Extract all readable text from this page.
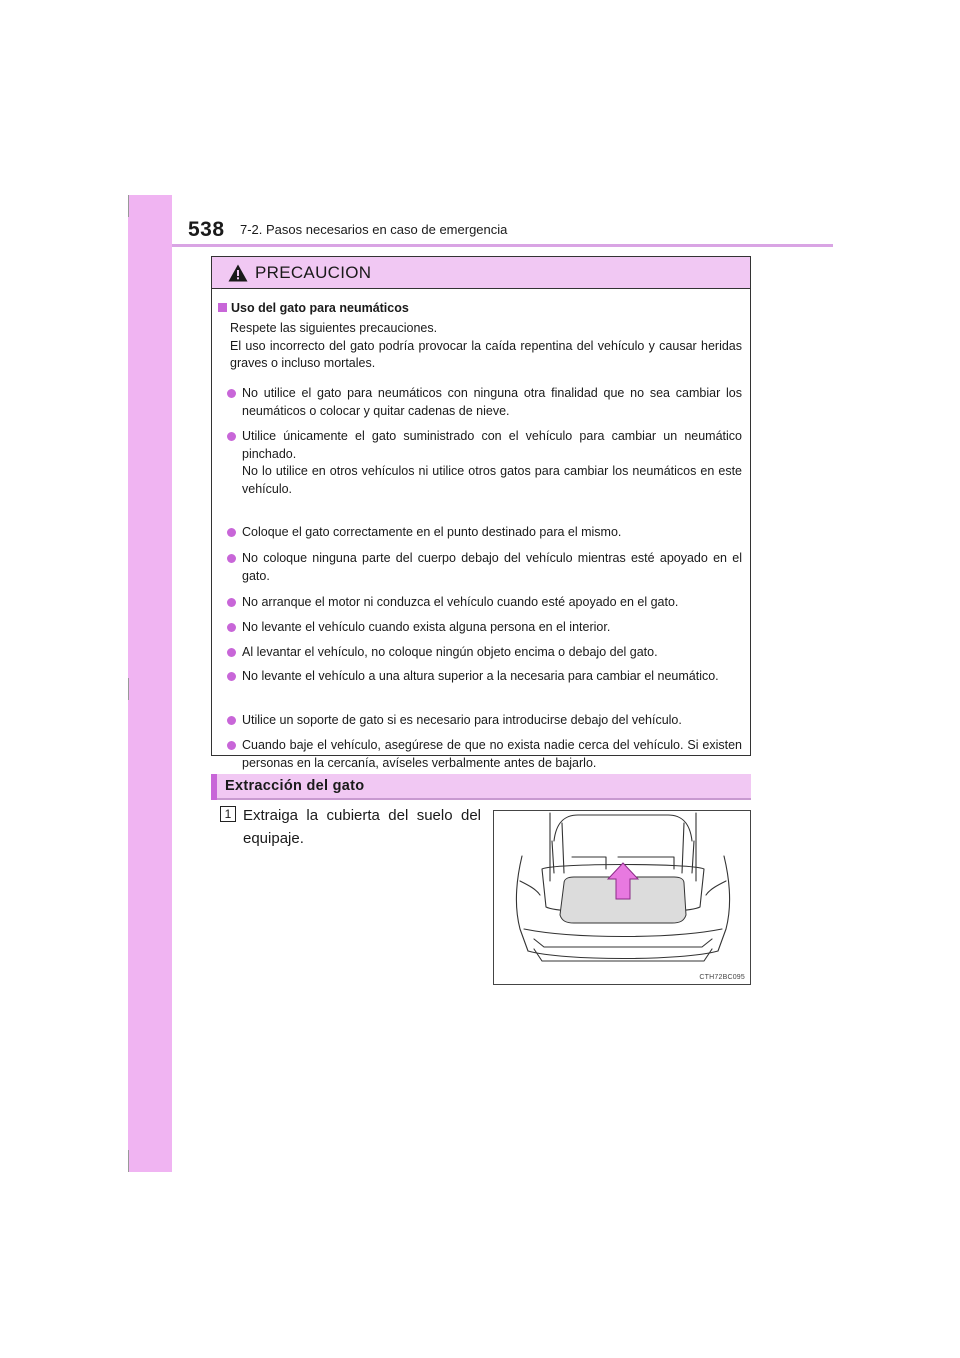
538 7-2. Pasos necesarios en caso de emergencia
PRECAUCION
Uso del gato para neumáticos
Respete las siguientes precauciones.
El uso incorrecto del gato podría provocar la caída repentina del vehículo y causar heridas graves o incluso mortales.
No utilice el gato para neumáticos con ninguna otra finalidad que no sea cambiar los neumáticos o colocar y quitar cadenas de nieve.
Utilice únicamente el gato suministrado con el vehículo para cambiar un neumático pinchado.
No lo utilice en otros vehículos ni utilice otros gatos para cambiar los neumáticos en este vehículo.
Coloque el gato correctamente en el punto destinado para el mismo.
No coloque ninguna parte del cuerpo debajo del vehículo mientras esté apoyado en el gato.
No arranque el motor ni conduzca el vehículo cuando esté apoyado en el gato.
No levante el vehículo cuando exista alguna persona en el interior.
Al levantar el vehículo, no coloque ningún objeto encima o debajo del gato.
No levante el vehículo a una altura superior a la necesaria para cambiar el neumático.
Utilice un soporte de gato si es necesario para introducirse debajo del vehículo.
Cuando baje el vehículo, asegúrese de que no exista nadie cerca del vehículo. Si existen personas en la cercanía, avíseles verbalmente antes de bajarlo.
Extracción del gato
1 Extraiga la cubierta del suelo del equipaje.
CTH72BC095
